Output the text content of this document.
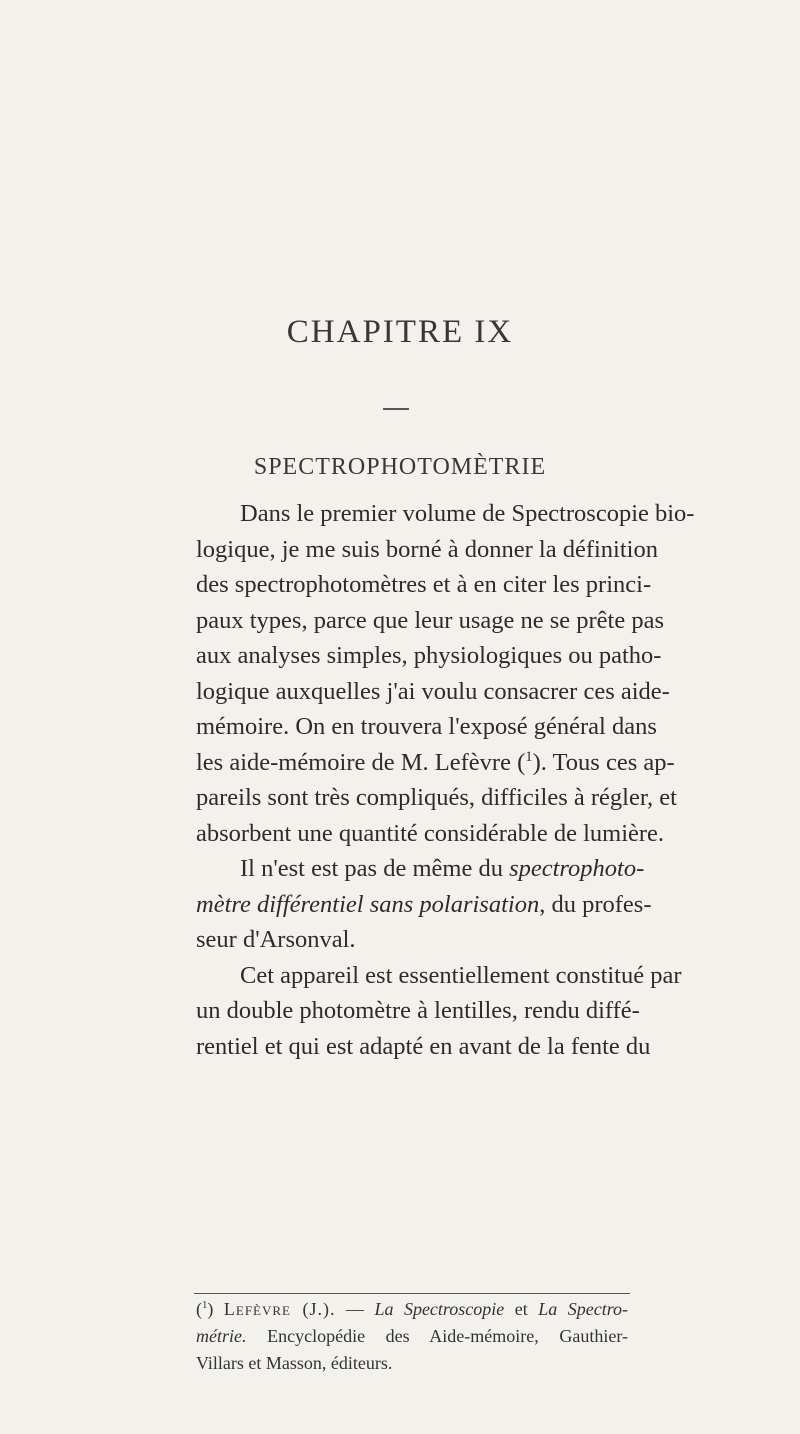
CHAPITRE IX
SPECTROPHOTOMÈTRIE
Dans le premier volume de Spectroscopie bio-
logique, je me suis borné à donner la définition
des spectrophotomètres et à en citer les princi-
paux types, parce que leur usage ne se prête pas
aux analyses simples, physiologiques ou patho-
logique auxquelles j'ai voulu consacrer ces aide-
mémoire. On en trouvera l'exposé général dans
les aide-mémoire de M. Lefèvre ($^1$). Tous ces ap-
pareils sont très compliqués, difficiles à régler, et
absorbent une quantité considérable de lumière.
Il n'est est pas de même du spectrophoto-
mètre différentiel sans polarisation, du profes-
seur d'Arsonval.
Cet appareil est essentiellement constitué par
un double photomètre à lentilles, rendu diffé-
rentiel et qui est adapté en avant de la fente du
($^1$) Lefèvre (J.). — La Spectroscopie et La Spectro-
métrie. Encyclopédie des Aide-mémoire, Gauthier-
Villars et Masson, éditeurs.
